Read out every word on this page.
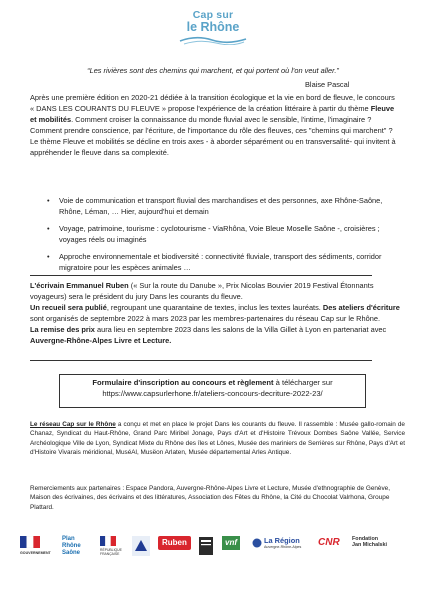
Cap sur
le Rhône
“Les rivières sont des chemins qui marchent, et qui portent où l'on veut aller.”
Blaise Pascal

Après une première édition en 2020-21 dédiée à la transition écologique et la vie en bord de fleuve, le concours « DANS LES COURANTS DU FLEUVE » propose l'expérience de la création littéraire à partir du thème Fleuve et mobilités. Comment croiser la connaissance du monde fluvial avec le sensible, l'intime, l'imaginaire ? Comment prendre conscience, par l'écriture, de l'importance du rôle des fleuves, ces "chemins qui marchent" ?

Le thème Fleuve et mobilités se décline en trois axes - à aborder séparément ou en transversalité- qui invitent à appréhender le fleuve dans sa complexité.

• Voie de communication et transport fluvial des marchandises et des personnes, axe Rhône-Saône, Rhône, Léman, … Hier, aujourd'hui et demain
• Voyage, patrimoine, tourisme : cyclotourisme - ViaRhôna, Voie Bleue Moselle Saône -, croisières ; voyages réels ou imaginés
• Approche environnementale et biodiversité : connectivité fluviale, transport des sédiments, corridor migratoire pour les espèces animales …

L'écrivain Emmanuel Ruben (« Sur la route du Danube », Prix Nicolas Bouvier 2019 Festival Étonnants voyageurs) sera le président du jury Dans les courants du fleuve.

Un recueil sera publié, regroupant une quarantaine de textes, inclus les textes lauréats. Des ateliers d'écriture sont organisés de septembre 2022 à mars 2023 par les membres-partenaires du réseau Cap sur le Rhône.

La remise des prix aura lieu en septembre 2023 dans les salons de la Villa Gillet à Lyon en partenariat avec Auvergne-Rhône-Alpes Livre et Lecture.

Formulaire d'inscription au concours et règlement à télécharger sur
https://www.capsurlerhone.fr/ateliers-concours-decriture-2022-23/

Le réseau Cap sur le Rhône a conçu et met en place le projet Dans les courants du fleuve. Il rassemble : Musée gallo-romain de Chanaz, Syndicat du Haut-Rhône, Grand Parc Miribel Jonage, Pays d'Art et d'Histoire Trévoux Dombes Saône Vallée, Service Archéologique Ville de Lyon, Syndicat Mixte du Rhône des îles et Lônes, Musée des mariniers de Serrières sur Rhône, Pays d'Art et d'Histoire Vivarais méridional, MuséAl, Musëon Arlaten, Musée départemental Arles Antique.

Remerciements aux partenaires : Espace Pandora, Auvergne-Rhône-Alpes Livre et Lecture, Musée d'ethnographie de Genève, Maison des écrivaines, des écrivains et des littératures, Association des Fêtes du Rhône, la Cité du Chocolat Valrhona, Groupe Plattard.

GOUVERNEMENT
Plan
Rhône
Saône	RÉPUBLIQUE FRANÇAISE
Ruben	vnf	La Région
Auvergne-Rhône-Alpes	CNR	Fondation
Jan Michalski
